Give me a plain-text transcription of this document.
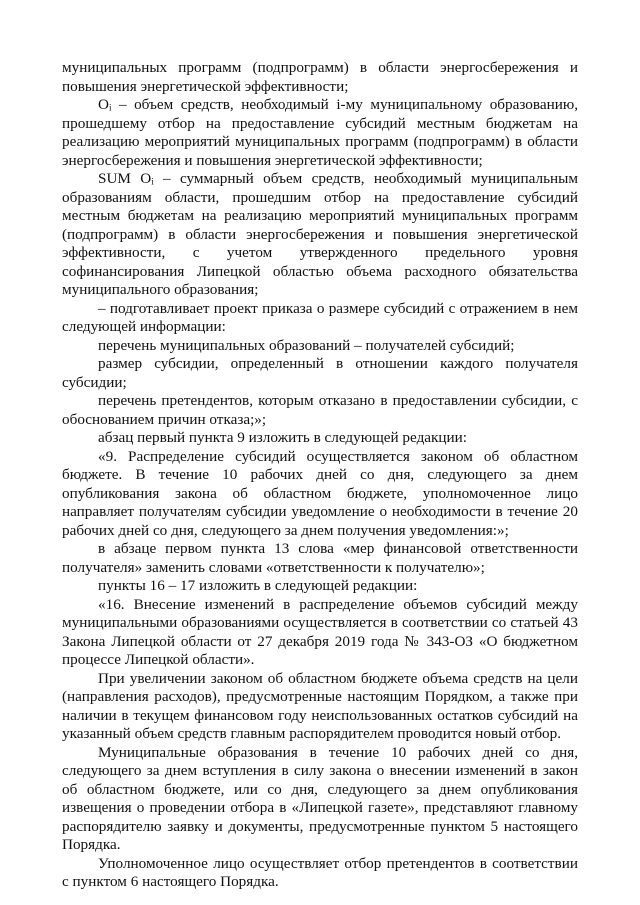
муниципальных программ (подпрограмм) в области энергосбережения и повышения энергетической эффективности;

Оᵢ – объем средств, необходимый i-му муниципальному образованию, прошедшему отбор на предоставление субсидий местным бюджетам на реализацию мероприятий муниципальных программ (подпрограмм) в области энергосбережения и повышения энергетической эффективности;

SUM Оᵢ – суммарный объем средств, необходимый муниципальным образованиям области, прошедшим отбор на предоставление субсидий местным бюджетам на реализацию мероприятий муниципальных программ (подпрограмм) в области энергосбережения и повышения энергетической эффективности, с учетом утвержденного предельного уровня софинансирования Липецкой областью объема расходного обязательства муниципального образования;

– подготавливает проект приказа о размере субсидий с отражением в нем следующей информации:

перечень муниципальных образований – получателей субсидий;

размер субсидии, определенный в отношении каждого получателя субсидии;

перечень претендентов, которым отказано в предоставлении субсидии, с обоснованием причин отказа;»;

абзац первый пункта 9 изложить в следующей редакции:

«9. Распределение субсидий осуществляется законом об областном бюджете. В течение 10 рабочих дней со дня, следующего за днем опубликования закона об областном бюджете, уполномоченное лицо направляет получателям субсидии уведомление о необходимости в течение 20 рабочих дней со дня, следующего за днем получения уведомления:»;

в абзаце первом пункта 13 слова «мер финансовой ответственности получателя» заменить словами «ответственности к получателю»;

пункты 16 – 17 изложить в следующей редакции:

«16. Внесение изменений в распределение объемов субсидий между муниципальными образованиями осуществляется в соответствии со статьей 43 Закона Липецкой области от 27 декабря 2019 года № 343-ОЗ «О бюджетном процессе Липецкой области».

При увеличении законом об областном бюджете объема средств на цели (направления расходов), предусмотренные настоящим Порядком, а также при наличии в текущем финансовом году неиспользованных остатков субсидий на указанный объем средств главным распорядителем проводится новый отбор.

Муниципальные образования в течение 10 рабочих дней со дня, следующего за днем вступления в силу закона о внесении изменений в закон об областном бюджете, или со дня, следующего за днем опубликования извещения о проведении отбора в «Липецкой газете», представляют главному распорядителю заявку и документы, предусмотренные пунктом 5 настоящего Порядка.

Уполномоченное лицо осуществляет отбор претендентов в соответствии с пунктом 6 настоящего Порядка.
